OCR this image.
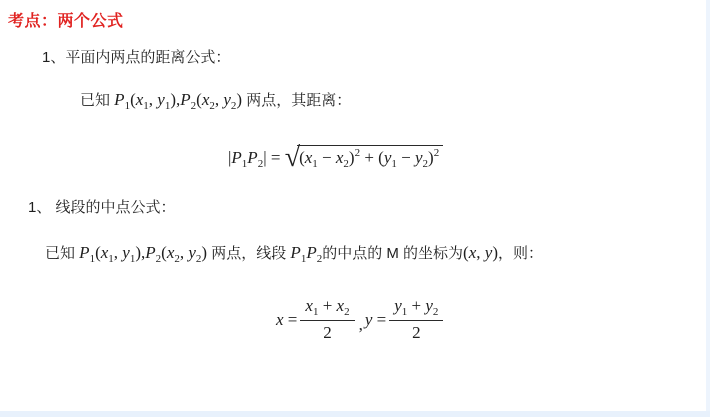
考点：两个公式
1、平面内两点的距离公式：
已知 $P_1(x_1$, $y_1),P_2(x_2$, $y_2$) 两点，其距离：
$|P_1P_2| = √(x_1 - x_2)^2 + (y_1 - y_2)^2$
1、 线段的中点公式：
已知 $P_1(x_1$, $y_1),P_2(x_2$, $y_2$) 两点，线段 $P_1P_2$的中点的 M 的坐标为(x, y)，则：
$x = \frac{x_1 + x_2}{2}$ , $y = \frac{y_1 + y_2}{2}$
